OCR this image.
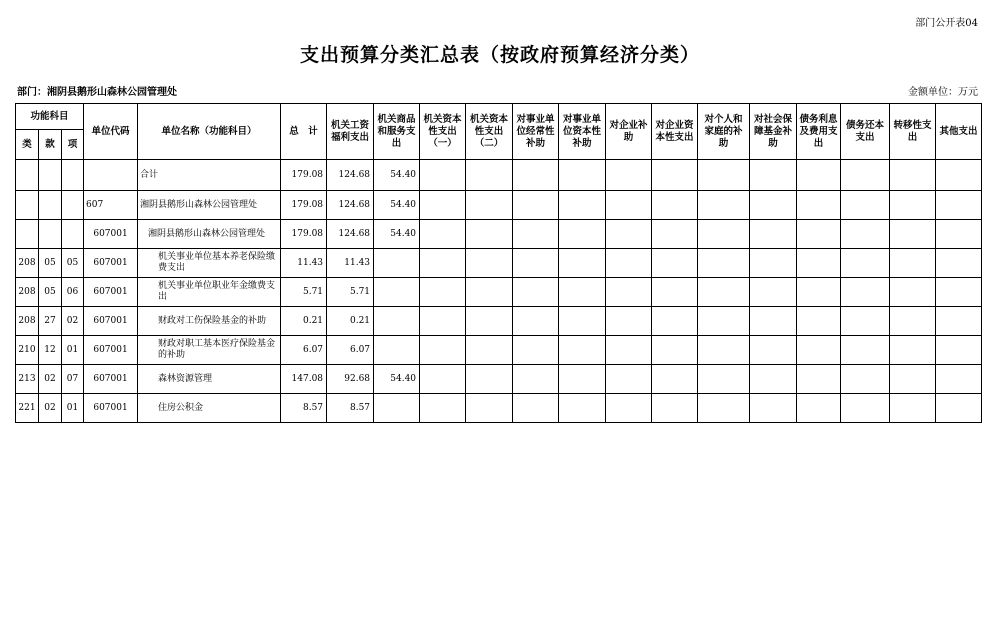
部门公开表04
支出预算分类汇总表（按政府预算经济分类）
部门：湘阴县鹅形山森林公园管理处	金额单位：万元
功能科目			单位代码	单位名称（功能科目）	总　计	机关工资福利支出	机关商品和服务支出	机关资本性支出（一）	机关资本性支出（二）	对事业单位经常性补助	对事业单位资本性补助	对企业补助	对企业资本性支出	对个人和家庭的补助	对社会保障基金补助	债务利息及费用支出	债务还本支出	转移性支出	其他支出
类	款	项																	
				合计	179.08	124.68	54.40												
			607	湘阴县鹅形山森林公园管理处	179.08	124.68	54.40												
			607001	湘阴县鹅形山森林公园管理处	179.08	124.68	54.40												
208	05	05	607001	机关事业单位基本养老保险缴费支出	11.43	11.43													
208	05	06	607001	机关事业单位职业年金缴费支出	5.71	5.71													
208	27	02	607001	财政对工伤保险基金的补助	0.21	0.21													
210	12	01	607001	财政对职工基本医疗保险基金的补助	6.07	6.07													
213	02	07	607001	森林资源管理	147.08	92.68	54.40												
221	02	01	607001	住房公积金	8.57	8.57													
